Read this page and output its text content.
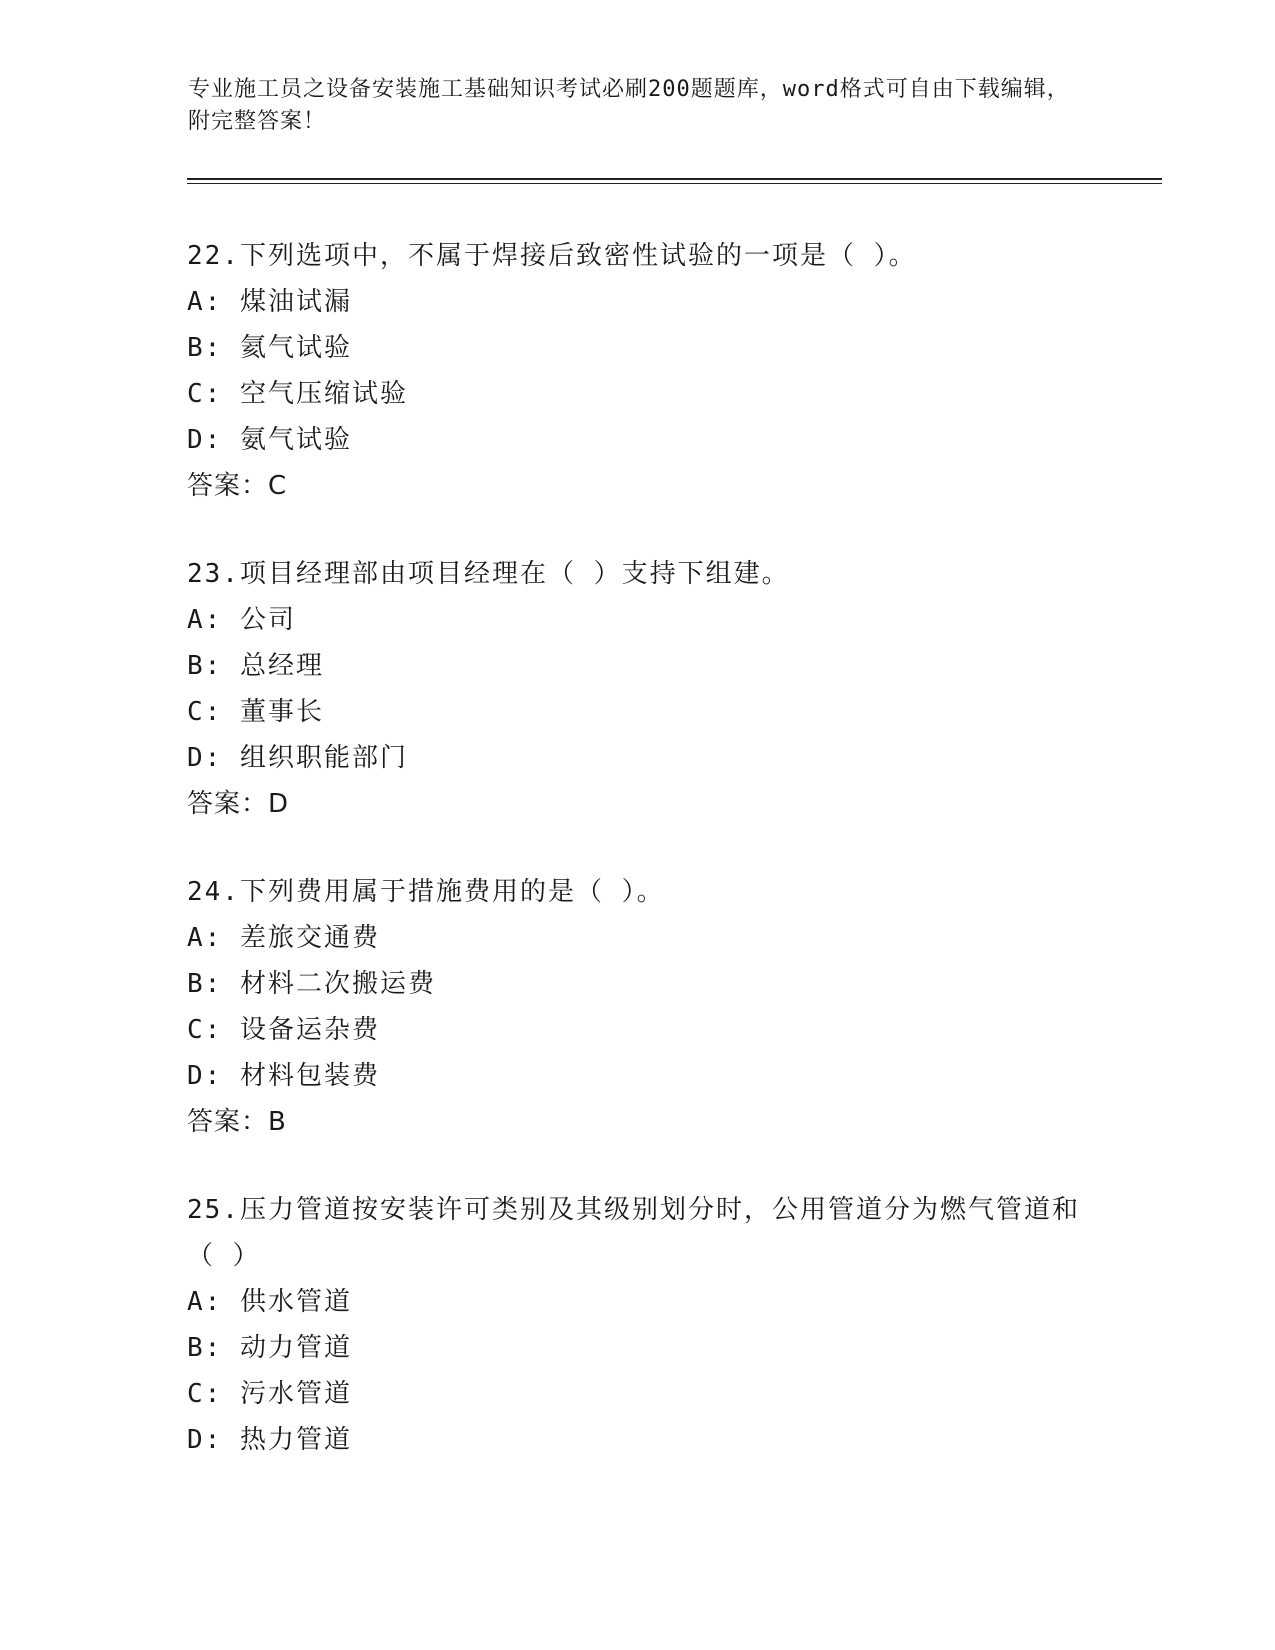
专业施工员之设备安装施工基础知识考试必刷200题题库，word格式可自由下载编辑，附完整答案！
22.下列选项中，不属于焊接后致密性试验的一项是（ ）。
A: 煤油试漏
B: 氦气试验
C: 空气压缩试验
D: 氨气试验
答案：C
23.项目经理部由项目经理在（ ）支持下组建。
A: 公司
B: 总经理
C: 董事长
D: 组织职能部门
答案：D
24.下列费用属于措施费用的是（ ）。
A: 差旅交通费
B: 材料二次搬运费
C: 设备运杂费
D: 材料包装费
答案：B
25.压力管道按安装许可类别及其级别划分时，公用管道分为燃气管道和（ ）
A: 供水管道
B: 动力管道
C: 污水管道
D: 热力管道
